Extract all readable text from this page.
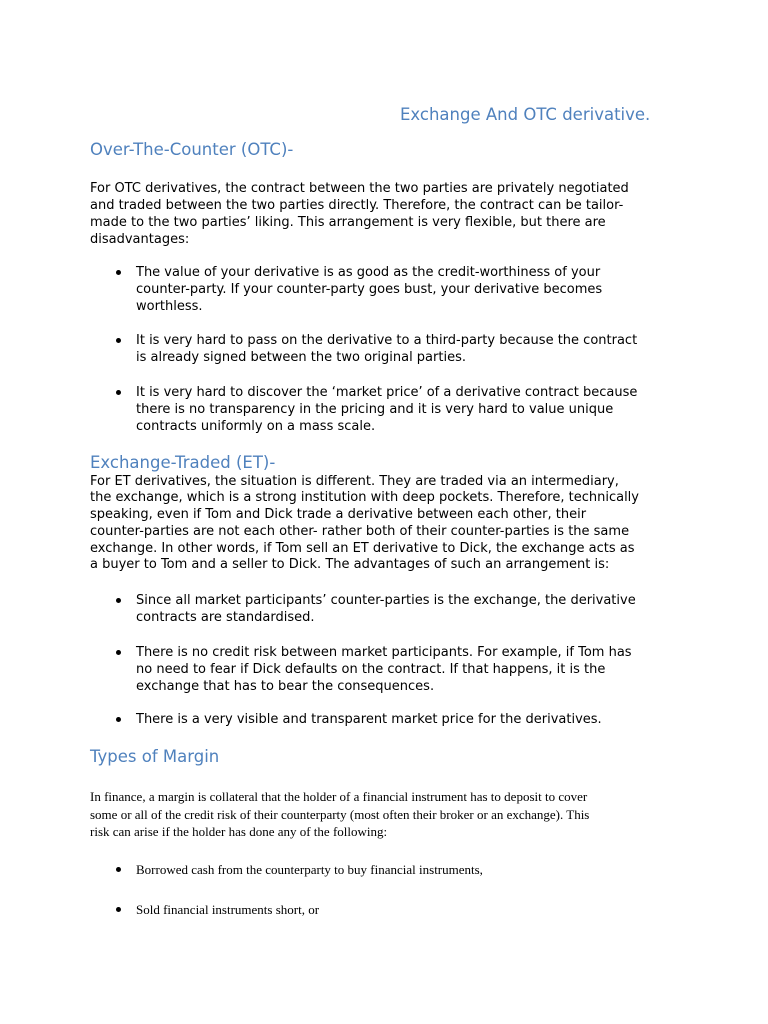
Exchange And OTC derivative.
Over-The-Counter (OTC)-
For OTC derivatives, the contract between the two parties are privately negotiated
and traded between the two parties directly. Therefore, the contract can be tailor-
made to the two parties’ liking. This arrangement is very flexible, but there are
disadvantages:
The value of your derivative is as good as the credit-worthiness of your
counter-party. If your counter-party goes bust, your derivative becomes
worthless.
It is very hard to pass on the derivative to a third-party because the contract
is already signed between the two original parties.
It is very hard to discover the ‘market price’ of a derivative contract because
there is no transparency in the pricing and it is very hard to value unique
contracts uniformly on a mass scale.
Exchange-Traded (ET)-
For ET derivatives, the situation is different. They are traded via an intermediary,
the exchange, which is a strong institution with deep pockets. Therefore, technically
speaking, even if Tom and Dick trade a derivative between each other, their
counter-parties are not each other- rather both of their counter-parties is the same
exchange. In other words, if Tom sell an ET derivative to Dick, the exchange acts as
a buyer to Tom and a seller to Dick. The advantages of such an arrangement is:
Since all market participants’ counter-parties is the exchange, the derivative
contracts are standardised.
There is no credit risk between market participants. For example, if Tom has
no need to fear if Dick defaults on the contract. If that happens, it is the
exchange that has to bear the consequences.
There is a very visible and transparent market price for the derivatives.
Types of Margin
In finance, a margin is collateral that the holder of a financial instrument has to deposit to cover
some or all of the credit risk of their counterparty (most often their broker or an exchange). This
risk can arise if the holder has done any of the following:
Borrowed cash from the counterparty to buy financial instruments,
Sold financial instruments short, or
